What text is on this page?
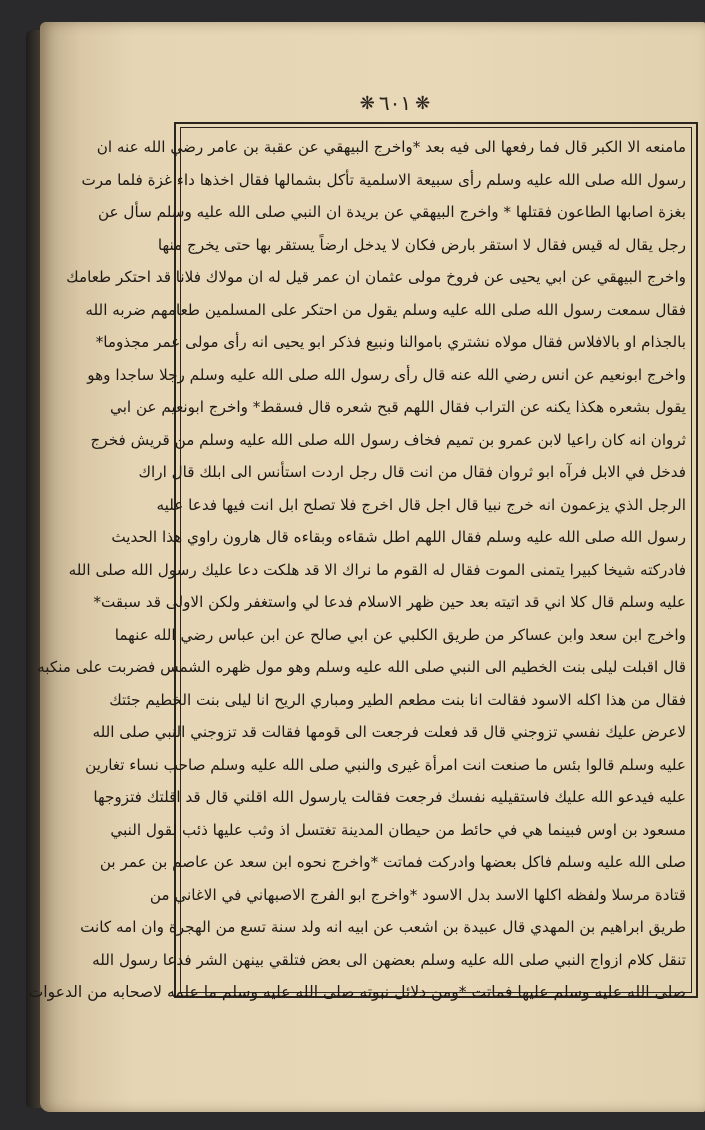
❋ ٦٠١ ❋
مامنعه الا الكبر قال فما رفعها الى فيه بعد *واخرج البيهقي عن عقبة بن عامر رضي الله عنه ان
رسول الله صلى الله عليه وسلم رأى سبيعة الاسلمية تأكل بشمالها فقال اخذها داء غزة فلما مرت
بغزة اصابها الطاعون فقتلها * واخرج البيهقي عن بريدة ان النبي صلى الله عليه وسلم سأل عن
رجل يقال له قيس فقال لا استقر بارض فكان لا يدخل ارضاً يستقر بها حتى يخرج منها
واخرج البيهقي عن ابي يحيى عن فروخ مولى عثمان ان عمر قيل له ان مولاك فلانا قد احتكر طعامك
فقال سمعت رسول الله صلى الله عليه وسلم يقول من احتكر على المسلمين طعامهم ضربه الله
بالجذام او بالافلاس فقال مولاه نشتري باموالنا ونبيع فذكر ابو يحيى انه رأى مولى عمر مجذوما*
واخرج ابونعيم عن انس رضي الله عنه قال رأى رسول الله صلى الله عليه وسلم رجلا ساجدا وهو
يقول بشعره هكذا يكنه عن التراب فقال اللهم قبح شعره قال فسقط* واخرج ابونعيم عن ابي
ثروان انه كان راعيا لابن عمرو بن تميم فخاف رسول الله صلى الله عليه وسلم من قريش فخرج
فدخل في الابل فرآه ابو ثروان فقال من انت قال رجل اردت استأنس الى ابلك قال اراك
الرجل الذي يزعمون انه خرج نبيا قال اجل قال اخرج فلا تصلح ابل انت فيها فدعا عليه
رسول الله صلى الله عليه وسلم فقال اللهم اطل شقاءه وبقاءه قال هارون راوي هذا الحديث
فادركته شيخا كبيرا يتمنى الموت فقال له القوم ما نراك الا قد هلكت دعا عليك رسول الله صلى الله
عليه وسلم قال كلا اني قد اتيته بعد حين ظهر الاسلام فدعا لي واستغفر ولكن الاولى قد سبقت*
واخرج ابن سعد وابن عساكر من طريق الكلبي عن ابي صالح عن ابن عباس رضي الله عنهما
قال اقبلت ليلى بنت الخطيم الى النبي صلى الله عليه وسلم وهو مول ظهره الشمس فضربت على منكبه
فقال من هذا اكله الاسود فقالت انا بنت مطعم الطير ومباري الريح انا ليلى بنت الخطيم جئتك
لاعرض عليك نفسي تزوجني قال قد فعلت فرجعت الى قومها فقالت قد تزوجني النبي صلى الله
عليه وسلم قالوا بئس ما صنعت انت امرأة غيرى والنبي صلى الله عليه وسلم صاحب نساء تغارين
عليه فيدعو الله عليك فاستقيليه نفسك فرجعت فقالت يارسول الله اقلني قال قد اقلتك فتزوجها
مسعود بن اوس فبينما هي في حائط من حيطان المدينة تغتسل اذ وثب عليها ذئب لقول النبي
صلى الله عليه وسلم فاكل بعضها وادركت فماتت *واخرج نحوه ابن سعد عن عاصم بن عمر بن
قتادة مرسلا ولفظه اكلها الاسد بدل الاسود *واخرج ابو الفرج الاصبهاني في الاغاني من
طريق ابراهيم بن المهدي قال عبيدة بن اشعب عن ابيه انه ولد سنة تسع من الهجرة وان امه كانت
تنقل كلام ازواج النبي صلى الله عليه وسلم بعضهن الى بعض فتلقي بينهن الشر فدعا رسول الله
صلى الله عليه وسلم عليها فماتت *ومن دلائل نبوته صلى الله عليه وسلم ما علمه لاصحابه من الدعوات
